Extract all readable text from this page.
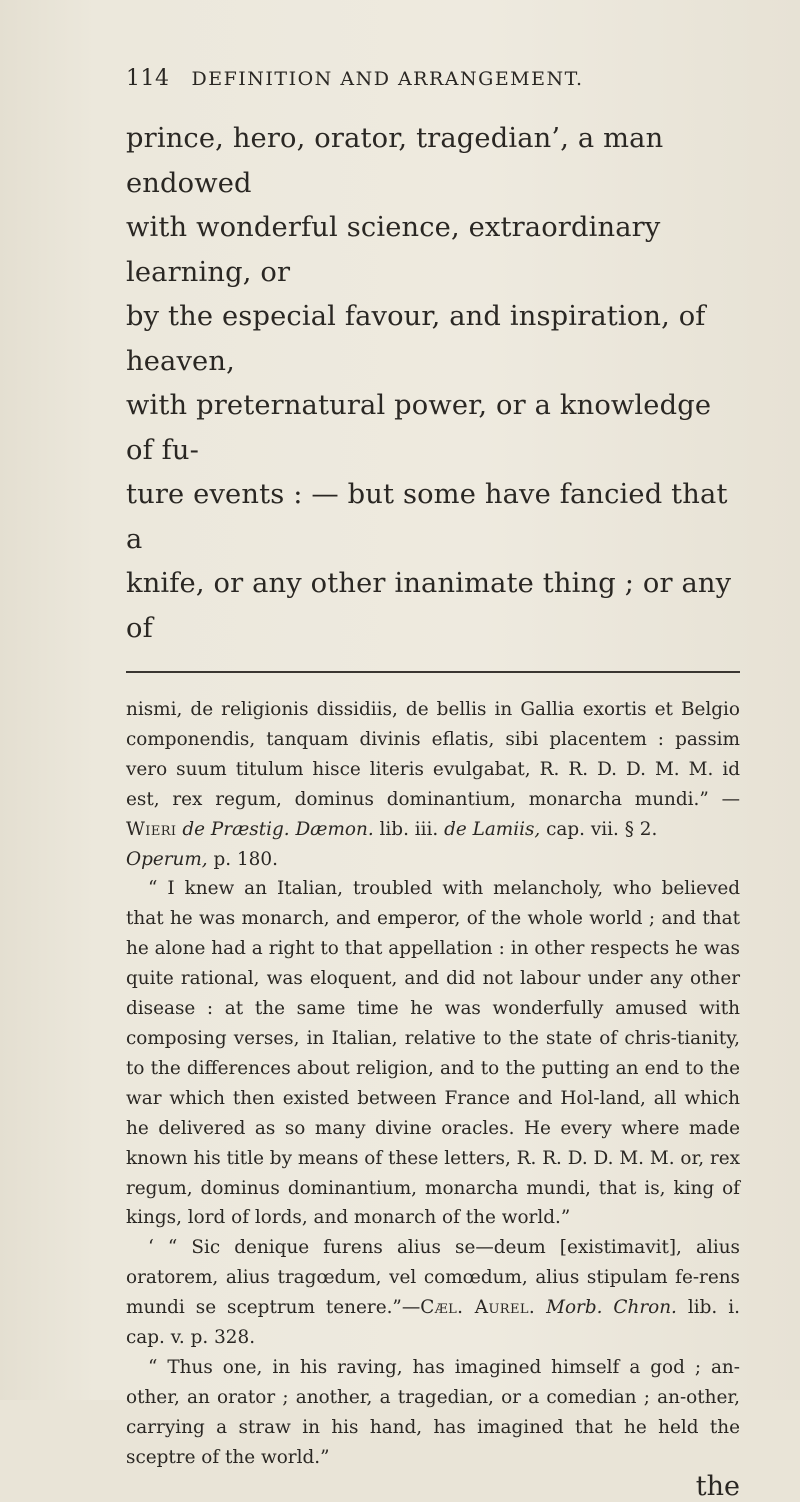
114 DEFINITION AND ARRANGEMENT.

prince, hero, orator, tragedian’, a man endowed

with wonderful science, extraordinary learning, or

by the especial favour, and inspiration, of heaven,

with preternatural power, or a knowledge of fu-

ture events : — but some have fancied that a

knife, or any other inanimate thing ; or any of

nismi, de religionis dissidiis, de bellis in Gallia exortis et Belgio componendis, tanquam divinis eflatis, sibi placentem : passim vero suum titulum hisce literis evulgabat, R. R. D. D. M. M. id est, rex regum, dominus dominantium, monarcha mundi.” — Wieri de Præstig. Dæmon. lib. iii. de Lamiis, cap. vii. § 2.
Operum, p. 180.

“ I knew an Italian, troubled with melancholy, who believed that he was monarch, and emperor, of the whole world ; and that he alone had a right to that appellation : in other respects he was quite rational, was eloquent, and did not labour under any other disease : at the same time he was wonderfully amused with composing verses, in Italian, relative to the state of chris-tianity, to the differences about religion, and to the putting an end to the war which then existed between France and Hol-land, all which he delivered as so many divine oracles. He every where made known his title by means of these letters, R. R. D. D. M. M. or, rex regum, dominus dominantium, monarcha mundi, that is, king of kings, lord of lords, and monarch of the world.”

‘ “ Sic denique furens alius se—deum [existimavit], alius oratorem, alius tragœdum, vel comœdum, alius stipulam fe-rens mundi se sceptrum tenere.”—Cæl. Aurel. Morb. Chron. lib. i. cap. v. p. 328.

“ Thus one, in his raving, has imagined himself a god ; an-other, an orator ; another, a tragedian, or a comedian ; an-other, carrying a straw in his hand, has imagined that he held the sceptre of the world.”

the
